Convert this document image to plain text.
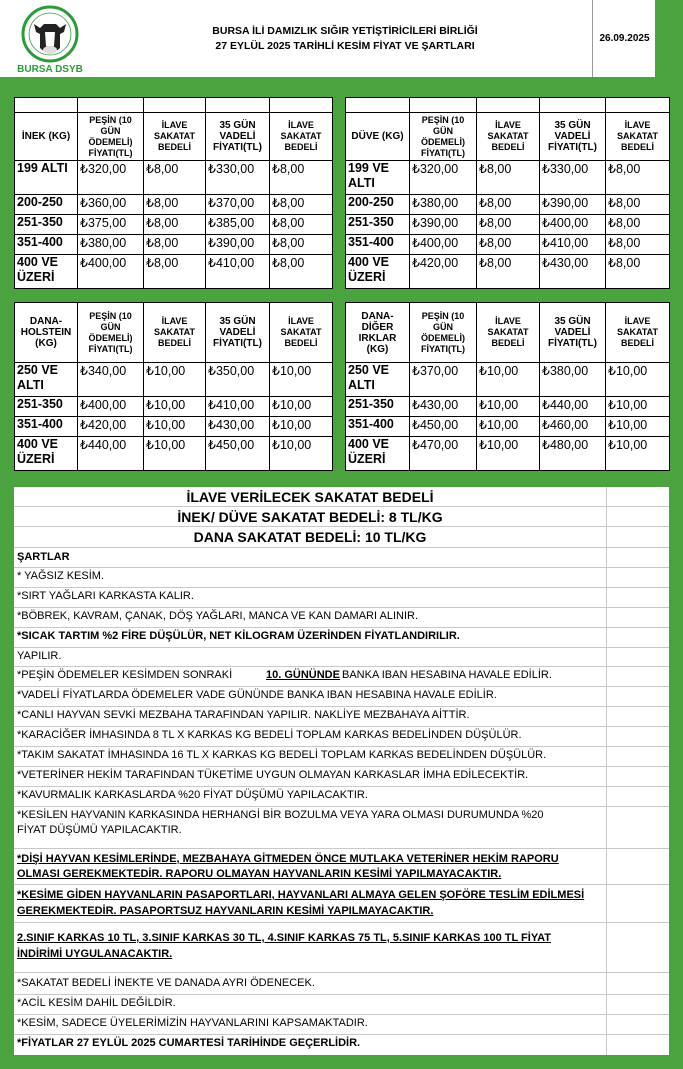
BURSA DSYB
BURSA İLİ DAMIZLIK SIĞIR YETİŞTİRİCİLERİ BİRLİĞİ
27 EYLÜL 2025 TARİHLİ KESİM FİYAT VE ŞARTLARI
26.09.2025

İNEK (KG)	PEŞİN (10 GÜN ÖDEMELİ) FİYATI(TL)	İLAVE SAKATAT BEDELİ	35 GÜN VADELİ FİYATI(TL)	İLAVE SAKATAT BEDELİ
199 ALTI	₺320,00	₺8,00	₺330,00	₺8,00
200-250	₺360,00	₺8,00	₺370,00	₺8,00
251-350	₺375,00	₺8,00	₺385,00	₺8,00
351-400	₺380,00	₺8,00	₺390,00	₺8,00
400 VE ÜZERİ	₺400,00	₺8,00	₺410,00	₺8,00
DÜVE (KG)	PEŞİN (10 GÜN ÖDEMELİ) FİYATI(TL)	İLAVE SAKATAT BEDELİ	35 GÜN VADELİ FİYATI(TL)	İLAVE SAKATAT BEDELİ
199 VE ALTI	₺320,00	₺8,00	₺330,00	₺8,00
200-250	₺380,00	₺8,00	₺390,00	₺8,00
251-350	₺390,00	₺8,00	₺400,00	₺8,00
351-400	₺400,00	₺8,00	₺410,00	₺8,00
400 VE ÜZERİ	₺420,00	₺8,00	₺430,00	₺8,00
DANA-HOLSTEIN (KG)	PEŞİN (10 GÜN ÖDEMELİ) FİYATI(TL)	İLAVE SAKATAT BEDELİ	35 GÜN VADELİ FİYATI(TL)	İLAVE SAKATAT BEDELİ
250 VE ALTI	₺340,00	₺10,00	₺350,00	₺10,00
251-350	₺400,00	₺10,00	₺410,00	₺10,00
351-400	₺420,00	₺10,00	₺430,00	₺10,00
400 VE ÜZERİ	₺440,00	₺10,00	₺450,00	₺10,00
DANA-DİĞER IRKLAR (KG)	PEŞİN (10 GÜN ÖDEMELİ) FİYATI(TL)	İLAVE SAKATAT BEDELİ	35 GÜN VADELİ FİYATI(TL)	İLAVE SAKATAT BEDELİ
250 VE ALTI	₺370,00	₺10,00	₺380,00	₺10,00
251-350	₺430,00	₺10,00	₺440,00	₺10,00
351-400	₺450,00	₺10,00	₺460,00	₺10,00
400 VE ÜZERİ	₺470,00	₺10,00	₺480,00	₺10,00
İLAVE VERİLECEK SAKATAT BEDELİ
İNEK/ DÜVE SAKATAT BEDELİ: 8 TL/KG
DANA SAKATAT BEDELİ: 10 TL/KG
ŞARTLAR
* YAĞSIZ KESİM.
*SIRT YAĞLARI KARKASTA KALIR.
*BÖBREK, KAVRAM, ÇANAK, DÖŞ YAĞLARI, MANCA VE KAN DAMARI ALINIR.
*SICAK TARTIM %2 FİRE DÜŞÜLÜR, NET KİLOGRAM ÜZERİNDEN FİYATLANDIRILIR.
YAPILIR.
*PEŞİN ÖDEMELER KESİMDEN SONRAKİ	10. GÜNÜNDE BANKA IBAN HESABINA HAVALE EDİLİR.
*VADELİ FİYATLARDA ÖDEMELER VADE GÜNÜNDE BANKA IBAN HESABINA HAVALE EDİLİR.
*CANLI HAYVAN SEVKİ MEZBAHA TARAFINDAN YAPILIR. NAKLİYE MEZBAHAYA AİTTİR.
*KARACİĞER İMHASINDA 8 TL X KARKAS KG BEDELİ TOPLAM KARKAS BEDELİNDEN DÜŞÜLÜR.
*TAKIM SAKATAT İMHASINDA 16 TL X KARKAS KG BEDELİ TOPLAM KARKAS BEDELİNDEN DÜŞÜLÜR.
*VETERİNER HEKİM TARAFINDAN TÜKETİME UYGUN OLMAYAN KARKASLAR İMHA EDİLECEKTİR.
*KAVURMALIK KARKASLARDA %20 FİYAT DÜŞÜMÜ YAPILACAKTIR.
*KESİLEN HAYVANIN KARKASINDA HERHANGİ BİR BOZULMA VEYA YARA OLMASI DURUMUNDA %20
FİYAT DÜŞÜMÜ YAPILACAKTIR.
*DİŞİ HAYVAN KESİMLERİNDE, MEZBAHAYA GİTMEDEN ÖNCE MUTLAKA VETERİNER HEKİM RAPORU
OLMASI GEREKMEKTEDİR. RAPORU OLMAYAN HAYVANLARIN KESİMİ YAPILMAYACAKTIR.
*KESİME GİDEN HAYVANLARIN PASAPORTLARI, HAYVANLARI ALMAYA GELEN ŞOFÖRE TESLİM EDİLMESİ
GEREKMEKTEDİR. PASAPORTSUZ HAYVANLARIN KESİMİ YAPILMAYACAKTIR.
2.SINIF KARKAS 10 TL, 3.SINIF KARKAS 30 TL, 4.SINIF KARKAS 75 TL, 5.SINIF KARKAS 100 TL FİYAT
İNDİRİMİ UYGULANACAKTIR.
*SAKATAT BEDELİ İNEKTE VE DANADA AYRI ÖDENECEK.
*ACİL KESİM DAHİL DEĞİLDİR.
*KESİM, SADECE ÜYELERİMİZİN HAYVANLARINI KAPSAMAKTADIR.
*FİYATLAR 27 EYLÜL 2025 CUMARTESİ TARİHİNDE GEÇERLİDİR.
